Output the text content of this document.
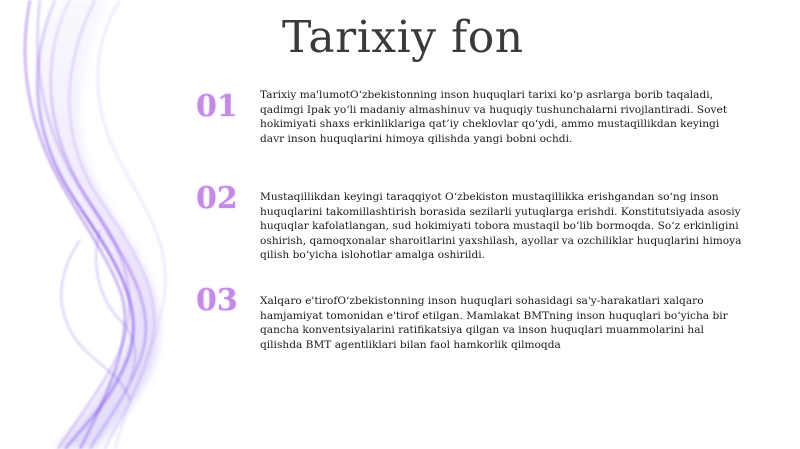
Tarixiy fon
01 Tarixiy ma'lumotO‘zbekistonning inson huquqlari tarixi ko‘p asrlarga borib taqaladi, qadimgi Ipak yo‘li madaniy almashinuv va huquqiy tushunchalarni rivojlantiradi. Sovet hokimiyati shaxs erkinliklariga qat’iy cheklovlar qo‘ydi, ammo mustaqillikdan keyingi davr inson huquqlarini himoya qilishda yangi bobni ochdi.
02 Mustaqillikdan keyingi taraqqiyot O‘zbekiston mustaqillikka erishgandan so‘ng inson huquqlarini takomillashtirish borasida sezilarli yutuqlarga erishdi. Konstitutsiyada asosiy huquqlar kafolatlangan, sud hokimiyati tobora mustaqil bo‘lib bormoqda. So‘z erkinligini oshirish, qamoqxonalar sharoitlarini yaxshilash, ayollar va ozchiliklar huquqlarini himoya qilish bo‘yicha islohotlar amalga oshirildi.
03 Xalqaro e'tirofO‘zbekistonning inson huquqlari sohasidagi sa'y-harakatlari xalqaro hamjamiyat tomonidan e'tirof etilgan. Mamlakat BMTning inson huquqlari bo‘yicha bir qancha konventsiyalarini ratifikatsiya qilgan va inson huquqlari muammolarini hal qilishda BMT agentliklari bilan faol hamkorlik qilmoqda
